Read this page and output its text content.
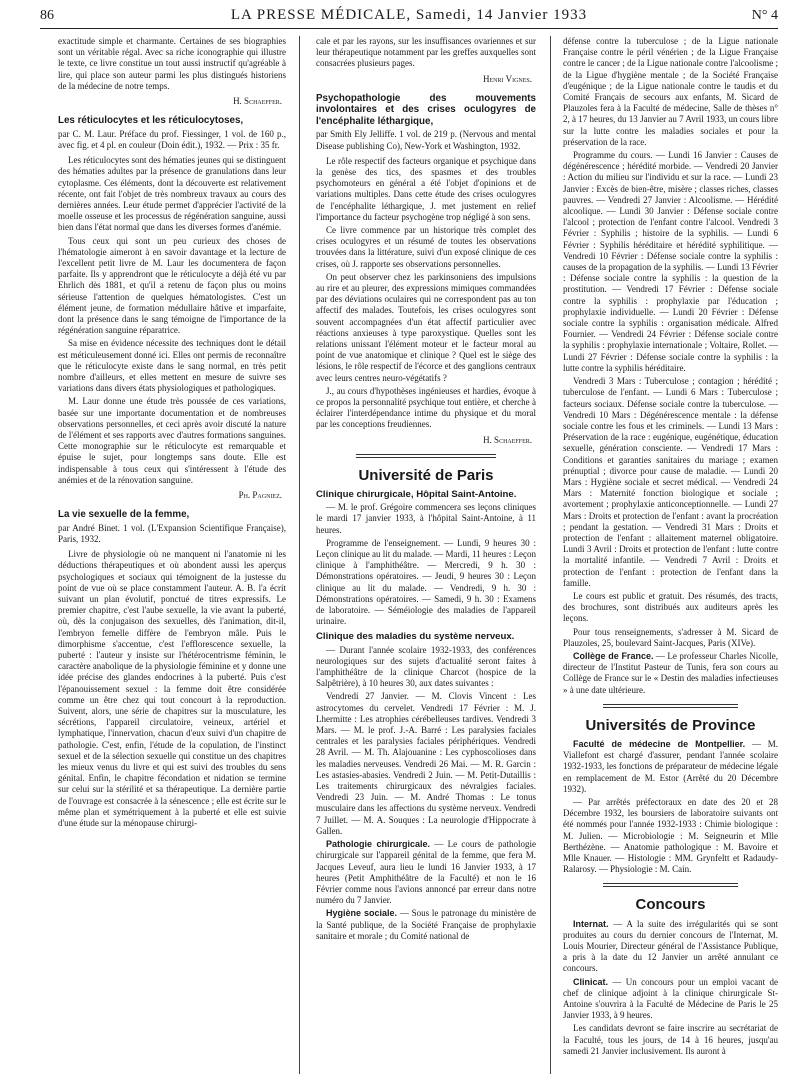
86	LA PRESSE MÉDICALE, Samedi, 14 Janvier 1933	N° 4

exactitude simple et charmante. Certaines de ses biographies sont un véritable régal. Avec sa riche iconographie qui illustre le texte, ce livre constitue un tout aussi instructif qu'agréable à lire, qui place son auteur parmi les plus distingués historiens de la médecine de notre temps.

H. Schaeffer.

Les réticulocytes et les réticulocytoses,

par C. M. Laur. Préface du prof. Fiessinger, 1 vol. de 160 p., avec fig. et 4 pl. en couleur (Doin édit.), 1932. — Prix : 35 fr.

Les réticulocytes sont des hématies jeunes qui se distinguent des hématies adultes par la présence de granulations dans leur cytoplasme. Ces éléments, dont la découverte est relativement récente, ont fait l'objet de très nombreux travaux au cours des dernières années. Leur étude permet d'apprécier l'activité de la moelle osseuse et les processus de régénération sanguine, aussi bien dans l'état normal que dans les diverses formes d'anémie.

Tous ceux qui sont un peu curieux des choses de l'hématologie aimeront à en savoir davantage et la lecture de l'excellent petit livre de M. Laur les documentera de façon parfaite. Ils y apprendront que le réticulocyte a déjà été vu par Ehrlich dès 1881, et qu'il a retenu de façon plus ou moins sérieuse l'attention de quelques hématologistes. C'est un élément jeune, de formation médullaire hâtive et imparfaite, dont la présence dans le sang témoigne de l'importance de la régénération sanguine réparatrice.

Sa mise en évidence nécessite des techniques dont le détail est méticuleusement donné ici. Elles ont permis de reconnaître que le réticulocyte existe dans le sang normal, en très petit nombre d'ailleurs, et elles mettent en mesure de suivre ses variations dans divers états physiologiques et pathologiques.

M. Laur donne une étude très poussée de ces variations, basée sur une importante documentation et de nombreuses observations personnelles, et ceci après avoir discuté la nature de l'élément et ses rapports avec d'autres formations sanguines. Cette monographie sur le réticulocyte est remarquable et épuise le sujet, pour longtemps sans doute. Elle est indispensable à tous ceux qui s'intéressent à l'étude des anémies et de la rénovation sanguine.

Ph. Pagniez.

La vie sexuelle de la femme,

par André Binet. 1 vol. (L'Expansion Scientifique Française), Paris, 1932.

Livre de physiologie où ne manquent ni l'anatomie ni les déductions thérapeutiques et où abondent aussi les aperçus psychologiques et sociaux qui témoignent de la justesse du point de vue où se place constamment l'auteur. A. B. l'a écrit suivant un plan évolutif, ponctué de titres expressifs. Le premier chapitre, c'est l'aube sexuelle, la vie avant la puberté, où, dès la conjugaison des sexuelles, dès l'animation, dit-il, l'embryon femelle diffère de l'embryon mâle. Puis le dimorphisme s'accentue, c'est l'efflorescence sexuelle, la puberté : l'auteur y insiste sur l'hétérocentrisme féminin, le caractère anabolique de la physiologie féminine et y donne une idée précise des glandes endocrines à la puberté. Puis c'est l'épanouissement sexuel : la femme doit être considérée comme un être chez qui tout concourt à la reproduction. Suivent, alors, une série de chapitres sur la musculature, les sécrétions, l'appareil circulatoire, veineux, artériel et lymphatique, l'innervation, chacun d'eux suivi d'un chapitre de pathologie. C'est, enfin, l'étude de la copulation, de l'instinct sexuel et de la sélection sexuelle qui constitue un des chapitres les mieux venus du livre et qui est suivi des troubles du sens génital. Enfin, le chapitre fécondation et nidation se termine sur celui sur la stérilité et sa thérapeutique. La dernière partie de l'ouvrage est consacrée à la sénescence ; elle est écrite sur le même plan et symétriquement à la puberté et elle est suivie d'une étude sur la ménopause chirurgi-

cale et par les rayons, sur les insuffisances ovariennes et sur leur thérapeutique notamment par les greffes auxquelles sont consacrées plusieurs pages.

Henri Vignes.

Psychopathologie des mouvements involontaires et des crises oculogyres de l'encéphalite léthargique,

par Smith Ely Jelliffe. 1 vol. de 219 p. (Nervous and mental Disease publishing Co), New-York et Washington, 1932.

Le rôle respectif des facteurs organique et psychique dans la genèse des tics, des spasmes et des troubles psychomoteurs en général a été l'objet d'opinions et de variations multiples. Dans cette étude des crises oculogyres de l'encéphalite léthargique, J. met justement en relief l'importance du facteur psychogène trop négligé à son sens.

Ce livre commence par un historique très complet des crises oculogyres et un résumé de toutes les observations trouvées dans la littérature, suivi d'un exposé clinique de ces crises, où J. rapporte ses observations personnelles.

On peut observer chez les parkinsoniens des impulsions au rire et au pleurer, des expressions mimiques commandées par des déviations oculaires qui ne correspondent pas au ton affectif des malades. Toutefois, les crises oculogyres sont souvent accompagnées d'un état affectif particulier avec réactions anxieuses à type paroxystique. Quelles sont les relations unissant l'élément moteur et le facteur moral au point de vue anatomique et clinique ? Quel est le siège des lésions, le rôle respectif de l'écorce et des ganglions centraux avec leurs centres neuro-végétatifs ?

J., au cours d'hypothèses ingénieuses et hardies, évoque à ce propos la personnalité psychique tout entière, et cherche à éclairer l'interdépendance intime du physique et du moral par les conceptions freudiennes.

H. Schaeffer.
Université de Paris
Clinique chirurgicale, Hôpital Saint-Antoine.

— M. le prof. Grégoire commencera ses leçons cliniques le mardi 17 janvier 1933, à l'hôpital Saint-Antoine, à 11 heures.

Programme de l'enseignement. — Lundi, 9 heures 30 : Leçon clinique au lit du malade. — Mardi, 11 heures : Leçon clinique à l'amphithéâtre. — Mercredi, 9 h. 30 : Démonstrations opératoires. — Jeudi, 9 heures 30 : Leçon clinique au lit du malade. — Vendredi, 9 h. 30 : Démonstrations opératoires. — Samedi, 9 h. 30 : Examens de laboratoire. — Séméiologie des maladies de l'appareil urinaire.

Clinique des maladies du système nerveux.

— Durant l'année scolaire 1932-1933, des conférences neurologiques sur des sujets d'actualité seront faites à l'amphithéâtre de la clinique Charcot (hospice de la Salpêtrière), à 10 heures 30, aux dates suivantes :

Vendredi 27 Janvier. — M. Clovis Vincent : Les astrocytomes du cervelet. Vendredi 17 Février : M. J. Lhermitte : Les atrophies cérébelleuses tardives. Vendredi 3 Mars. — M. le prof. J.-A. Barré : Les paralysies faciales centrales et les paralysies faciales périphériques. Vendredi 28 Avril. — M. Th. Alajouanine : Les cyphoscolioses dans les maladies nerveuses. Vendredi 26 Mai. — M. R. Garcin : Les astasies-abasies. Vendredi 2 Juin. — M. Petit-Dutaillis : Les traitements chirurgicaux des névralgies faciales. Vendredi 23 Juin. — M. André Thomas : Le tonus musculaire dans les affections du système nerveux. Vendredi 7 Juillet. — M. A. Souques : La neurologie d'Hippocrate à Gallen.

Pathologie chirurgicale. — Le cours de pathologie chirurgicale sur l'appareil génital de la femme, que fera M. Jacques Leveuf, aura lieu le lundi 16 Janvier 1933, à 17 heures (Petit Amphithéâtre de la Faculté) et non le 16 Février comme nous l'avions annoncé par erreur dans notre numéro du 7 Janvier.

Hygiène sociale. — Sous le patronage du ministère de la Santé publique, de la Société Française de prophylaxie sanitaire et morale ; du Comité national de

défense contre la tuberculose ; de la Ligue nationale Française contre le péril vénérien ; de la Ligue Française contre le cancer ; de la Ligue nationale contre l'alcoolisme ; de la Ligue d'hygiène mentale ; de la Société Française d'eugénique ; de la Ligue nationale contre le taudis et du Comité Français de secours aux enfants, M. Sicard de Plauzoles fera à la Faculté de médecine, Salle de thèses n° 2, à 17 heures, du 13 Janvier au 7 Avril 1933, un cours libre sur la lutte contre les maladies sociales et pour la préservation de la race.

Programme du cours. — Lundi 16 Janvier : Causes de dégénérescence ; hérédité morbide. — Vendredi 20 Janvier : Action du milieu sur l'individu et sur la race. — Lundi 23 Janvier : Excès de bien-être, misère ; classes riches, classes pauvres. — Vendredi 27 Janvier : Alcoolisme. — Hérédité alcoolique. — Lundi 30 Janvier : Défense sociale contre l'alcool ; protection de l'enfant contre l'alcool. Vendredi 3 Février : Syphilis ; histoire de la syphilis. — Lundi 6 Février : Syphilis héréditaire et hérédité syphilitique. — Vendredi 10 Février : Défense sociale contre la syphilis : causes de la propagation de la syphilis. — Lundi 13 Février : Défense sociale contre la syphilis : la question de la prostitution. — Vendredi 17 Février : Défense sociale contre la syphilis : prophylaxie par l'éducation ; prophylaxie individuelle. — Lundi 20 Février : Défense sociale contre la syphilis : organisation médicale. Alfred Fournier. — Vendredi 24 Février : Défense sociale contre la syphilis : prophylaxie internationale ; Voltaire, Rollet. — Lundi 27 Février : Défense sociale contre la syphilis : la lutte contre la syphilis héréditaire.

Vendredi 3 Mars : Tuberculose ; contagion ; hérédité ; tuberculose de l'enfant. — Lundi 6 Mars : Tuberculose ; facteurs sociaux. Défense sociale contre la tuberculose. — Vendredi 10 Mars : Dégénérescence mentale : la défense sociale contre les fous et les criminels. — Lundi 13 Mars : Préservation de la race : eugénique, eugénétique, éducation sexuelle, génération consciente. — Vendredi 17 Mars : Conditions et garanties sanitaires du mariage ; examen prénuptial ; divorce pour cause de maladie. — Lundi 20 Mars : Hygiène sociale et secret médical. — Vendredi 24 Mars : Maternité fonction biologique et sociale ; avortement ; prophylaxie anticonceptionnelle. — Lundi 27 Mars : Droits et protection de l'enfant : avant la procréation ; pendant la gestation. — Vendredi 31 Mars : Droits et protection de l'enfant : allaitement maternel obligatoire. Lundi 3 Avril : Droits et protection de l'enfant : lutte contre la mortalité infantile. — Vendredi 7 Avril : Droits et protection de l'enfant : protection de l'enfant dans la famille.

Le cours est public et gratuit. Des résumés, des tracts, des brochures, sont distribués aux auditeurs après les leçons.

Pour tous renseignements, s'adresser à M. Sicard de Plauzoles, 25, boulevard Saint-Jacques, Paris (XIVe).

Collège de France. — Le professeur Charles Nicolle, directeur de l'Institut Pasteur de Tunis, fera son cours au Collège de France sur le « Destin des maladies infectieuses » à une date ultérieure.

Universités de Province

Faculté de médecine de Montpellier. — M. Viallefont est chargé d'assurer, pendant l'année scolaire 1932-1933, les fonctions de préparateur de médecine légale en remplacement de M. Estor (Arrêté du 20 Décembre 1932).

— Par arrêtés préfectoraux en date des 20 et 28 Décembre 1932, les boursiers de laboratoire suivants ont été nommés pour l'année 1932-1933 : Chimie biologique : M. Julien. — Microbiologie : M. Seigneurin et Mlle Berthézène. — Anatomie pathologique : M. Bavoire et Mlle Knauer. — Histologie : MM. Grynfeltt et Radaudy-Ralarosy. — Physiologie : M. Cain.

Concours

Internat. — A la suite des irrégularités qui se sont produites au cours du dernier concours de l'Internat, M. Louis Mourier, Directeur général de l'Assistance Publique, a pris à la date du 12 Janvier un arrêté annulant ce concours.

Clinicat. — Un concours pour un emploi vacant de chef de clinique adjoint à la clinique chirurgicale St-Antoine s'ouvrira à la Faculté de Médecine de Paris le 25 Janvier 1933, à 9 heures.

Les candidats devront se faire inscrire au secrétariat de la Faculté, tous les jours, de 14 à 16 heures, jusqu'au samedi 21 Janvier inclusivement. Ils auront à
